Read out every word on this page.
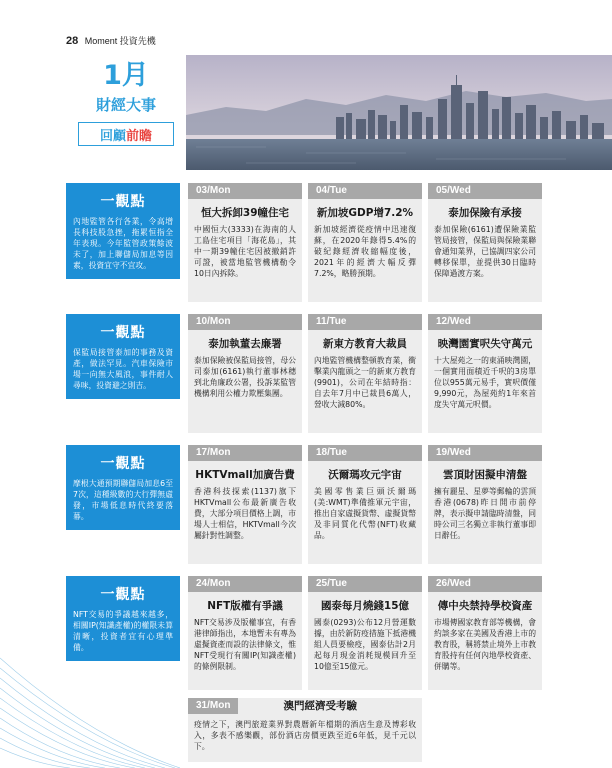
28 Moment 投資先機
1月
財經大事
回顧 前瞻
一觀點
內地監管各行各業，令高增長科技股急挫，拖累恒指全年表現。今年監管政策餘波未了，加上聯儲局加息等因素，投資宜守不宜攻。
03/Mon
恒大拆卸39幢住宅
中國恒大(3333)在海南的人工島住宅項目「海花島」，其中一期39幢住宅因被撤銷許可證，被當地監管機構勒令10日內拆除。
04/Tue
新加坡GDP增7.2%
新加坡經濟從疫情中迅速復蘇，在2020年錄得5.4%的破紀錄經濟收縮幅度後，2021年的經濟大幅反彈7.2%，略勝預期。
05/Wed
泰加保險有承接
泰加保險(6161)遭保險業監管局接管，保監局與保險業聯會通知業界，已協調四家公司轉移保單，並提供30日臨時保障過渡方案。
一觀點
保監局接管泰加的事務及資產，做法罕見。汽車保險市場一向無大風浪，事件耐人尋味，投資避之則吉。
10/Mon
泰加執董去廉署
泰加保險被保監局接管，母公司泰加(6161)執行董事林穗到北角廉政公署，投訴某監管機構利用公權力欺壓集團。
11/Tue
新東方教育大裁員
內地監管機構整頓教育業，衝擊業內龍頭之一的新東方教育(9901)，公司在年結時指：自去年7月中已裁員6萬人，營收大減80%。
12/Wed
映灣園實呎失守萬元
十大屋苑之一的東涌映灣園，一個實用面積近千呎的3房單位以955萬元易手，實呎價僅9,990元，為屋苑約1年來首度失守萬元呎價。
一觀點
摩根大通預期聯儲局加息6至7次，這種級數的大行彈無虛發，市場低息時代終要落幕。
17/Mon
HKTVmall加廣告費
香港科技探索(1137)旗下HKTVmall公布最新廣告收費，大部分項目價格上調，市場人士相信，HKTVmall今次屬針對性調整。
18/Tue
沃爾瑪攻元宇宙
美國零售業巨頭沃爾瑪(美:WMT)準備推軍元宇宙，推出自家虛擬貨幣、虛擬貨幣及非同質化代幣(NFT)收藏品。
19/Wed
雲頂財困擬申清盤
擁有麗星、星夢等郵輪的雲頂香港(0678)昨日開市前停牌，表示擬申請臨時清盤，同時公司三名獨立非執行董事即日辭任。
一觀點
NFT交易的爭議越來越多，相關IP(知識產權)的權限未算清晰，投資者宜有心理準備。
24/Mon
NFT版權有爭議
NFT交易涉及版權事宜，有香港律師指出，本地暫未有專為虛擬資產而設的法律條文，惟NFT受現行有關IP(知識產權)的條例限制。
25/Tue
國泰每月燒錢15億
國泰(0293)公布12月營運數據，由於新防疫措施下抵港機組人員要檢疫，國泰估計2月起每月現金消耗規模回升至10億至15億元。
26/Wed
傳中央禁持學校資產
市場傳國家教育部等機構，會約談多家在美國及香港上市的教育股，稱將禁止境外上市教育股持有任何內地學校資產、併購等。
31/Mon	澳門經濟受考驗
疫情之下，澳門旅遊業界對農曆新年檔期的酒店生意及博彩收入，多表不感樂觀，部份酒店房價更跌至近6年低，見千元以下。
